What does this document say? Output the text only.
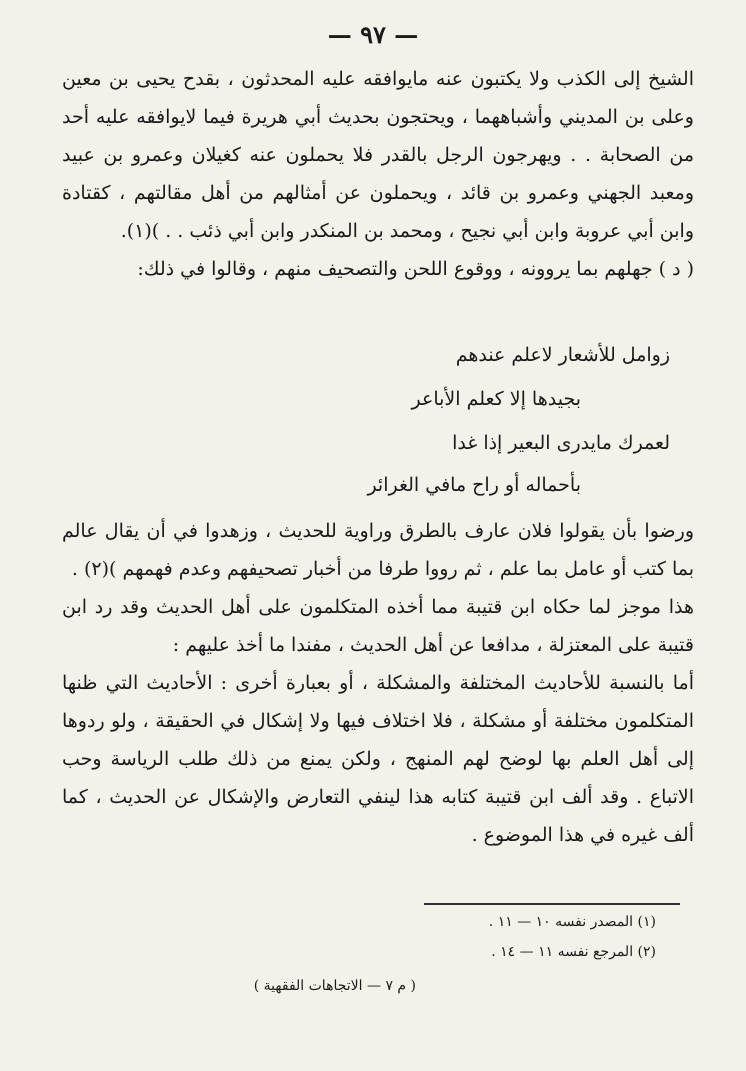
— ٩٧ —

الشيخ إلى الكذب ولا يكتبون عنه مايوافقه عليه المحدثون ، بقدح يحيى بن معين وعلى بن المديني وأشباههما ، ويحتجون بحديث أبي هريرة فيما لايوافقه عليه أحد من الصحابة . . ويهرجون الرجل بالقدر فلا يحملون عنه كغيلان وعمرو بن عبيد ومعبد الجهني وعمرو بن قائد ، ويحملون عن أمثالهم من أهل مقالتهم ، كقتادة وابن أبي عروبة وابن أبي نجيح ، ومحمد بن المنكدر وابن أبي ذئب . . )(١).

( د ) جهلهم بما يروونه ، ووقوع اللحن والتصحيف منهم ، وقالوا في ذلك:

زوامل للأشعار لاعلم عندهم
بجيدها إلا كعلم الأباعر
لعمرك مايدرى البعير إذا غدا
بأحماله أو راح مافي الغرائر

ورضوا بأن يقولوا فلان عارف بالطرق وراوية للحديث ، وزهدوا في أن يقال عالم بما كتب أو عامل بما علم ، ثم رووا طرفا من أخبار تصحيفهم وعدم فهمهم )(٢) .

هذا موجز لما حكاه ابن قتيبة مما أخذه المتكلمون على أهل الحديث وقد رد ابن قتيبة على المعتزلة ، مدافعا عن أهل الحديث ، مفندا ما أخذ عليهم :

أما بالنسبة للأحاديث المختلفة والمشكلة ، أو بعبارة أخرى : الأحاديث التي ظنها المتكلمون مختلفة أو مشكلة ، فلا اختلاف فيها ولا إشكال في الحقيقة ، ولو ردوها إلى أهل العلم بها لوضح لهم المنهج ، ولكن يمنع من ذلك طلب الرياسة وحب الاتباع . وقد ألف ابن قتيبة كتابه هذا لينفي التعارض والإشكال عن الحديث ، كما ألف غيره في هذا الموضوع .

(١) المصدر نفسه ١٠ — ١١ .
(٢) المرجع نفسه ١١ — ١٤ .
( م ٧ — الاتجاهات الفقهية )
